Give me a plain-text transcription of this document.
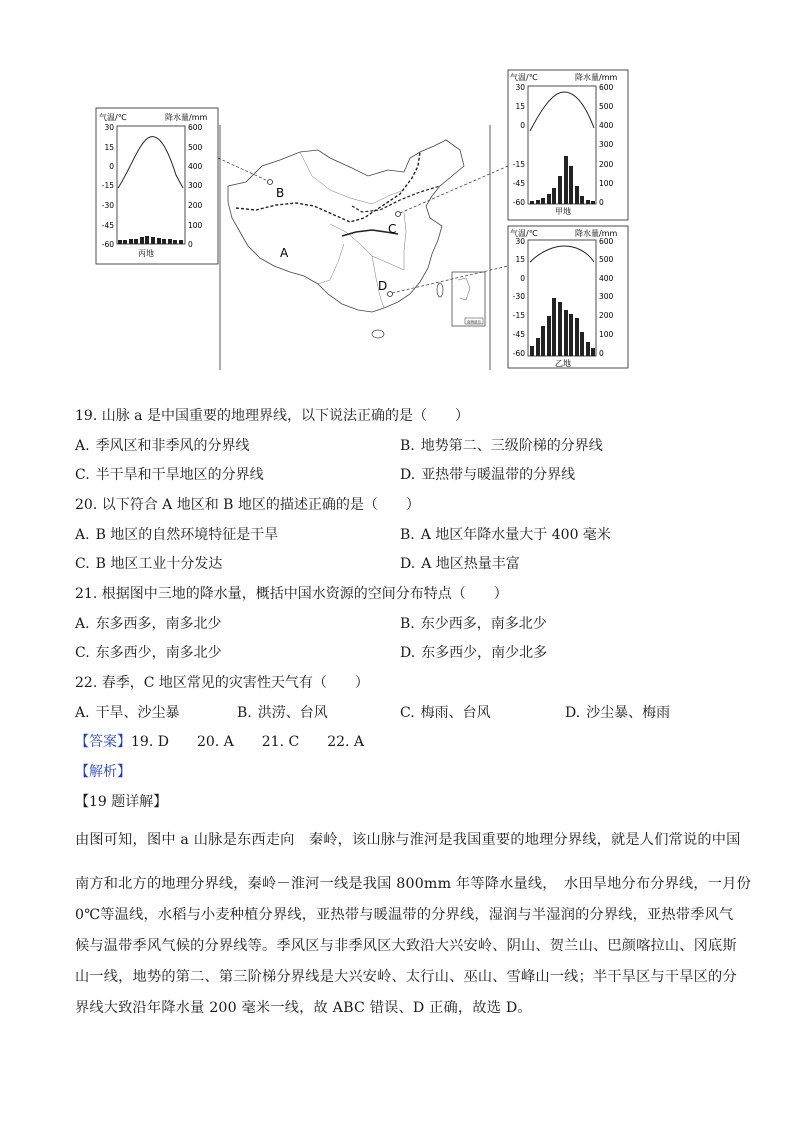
气温/℃	降水量/mm
30
15
0
-15
-30
-45
-60
600
500
400
300
200
100
0
丙地
南海诸岛
B
A
C
D
气温/℃	降水量/mm
30
15
0
-15
-45
-60
600
500
400
300
200
100
0
甲地
气温/℃	降水量/mm
30
15
0
-30
-15
-45
-60
600
500
400
300
200
100
0
乙地
19. 山脉 a 是中国重要的地理界线，以下说法正确的是（　　）
A. 季风区和非季风的分界线	B. 地势第二、三级阶梯的分界线
C. 半干旱和干旱地区的分界线	D. 亚热带与暖温带的分界线
20. 以下符合 A 地区和 B 地区的描述正确的是（　　）
A. B 地区的自然环境特征是干旱	B. A 地区年降水量大于 400 毫米
C. B 地区工业十分发达	D. A 地区热量丰富
21. 根据图中三地的降水量，概括中国水资源的空间分布特点（　　）
A. 东多西多，南多北少	B. 东少西多，南多北少
C. 东多西少，南多北少	D. 东多西少，南少北多
22. 春季，C 地区常见的灾害性天气有（　　）
A. 干旱、沙尘暴	B. 洪涝、台风	C. 梅雨、台风	D. 沙尘暴、梅雨
【答案】19. D　　20. A　　21. C　　22. A
【解析】
【19 题详解】
由图可知，图中 a 山脉是东西走向　秦岭，该山脉与淮河是我国重要的地理分界线，就是人们常说的中国
南方和北方的地理分界线，秦岭－淮河一线是我国 800mm 年等降水量线，　水田旱地分布分界线，一月份
0℃等温线，水稻与小麦种植分界线，亚热带与暖温带的分界线，湿润与半湿润的分界线，亚热带季风气
候与温带季风气候的分界线等。季风区与非季风区大致沿大兴安岭、阴山、贺兰山、巴颜喀拉山、冈底斯
山一线，地势的第二、第三阶梯分界线是大兴安岭、太行山、巫山、雪峰山一线；半干旱区与干旱区的分
界线大致沿年降水量 200 毫米一线，故 ABC 错误、D 正确，故选 D。
